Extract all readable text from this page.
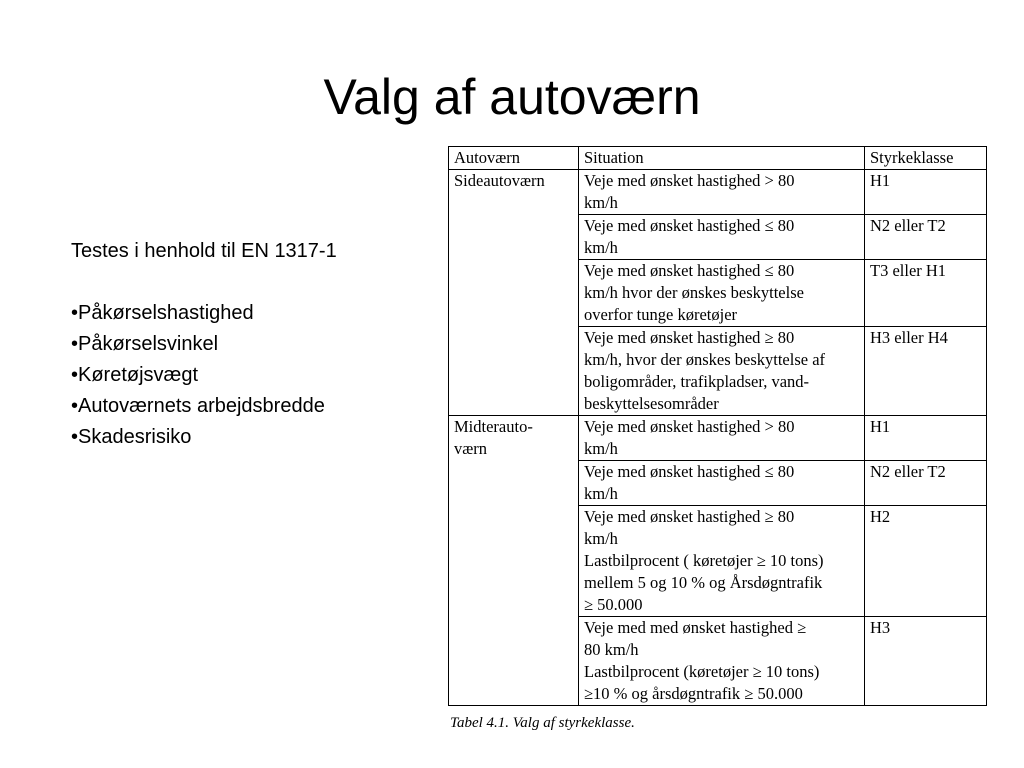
Valg af autoværn
Testes i henhold til EN 1317-1
•Påkørselshastighed
•Påkørselsvinkel
•Køretøjsvægt
•Autoværnets arbejdsbredde
•Skadesrisiko
Autoværn	Situation	Styrkeklasse

Sideautoværn	Veje med ønsket hastighed > 80
km/h	H1

	Veje med ønsket hastighed ≤ 80
km/h	N2 eller T2

	Veje med ønsket hastighed ≤ 80
km/h hvor der ønskes beskyttelse
overfor tunge køretøjer	T3 eller H1

	Veje med ønsket hastighed ≥ 80
km/h, hvor der ønskes beskyttelse af
boligområder, trafikpladser, vand-
beskyttelsesområder	H3 eller H4

Midterauto-
værn	Veje med ønsket hastighed > 80
km/h	H1

	Veje med ønsket hastighed ≤ 80
km/h	N2 eller T2

	Veje med ønsket hastighed ≥ 80
km/h
Lastbilprocent ( køretøjer ≥ 10 tons)
mellem 5 og 10 % og Årsdøgntrafik
≥ 50.000	H2

	Veje med med ønsket hastighed ≥
80 km/h
Lastbilprocent (køretøjer ≥ 10 tons)
≥10 % og årsdøgntrafik ≥ 50.000	H3
Tabel 4.1. Valg af styrkeklasse.
